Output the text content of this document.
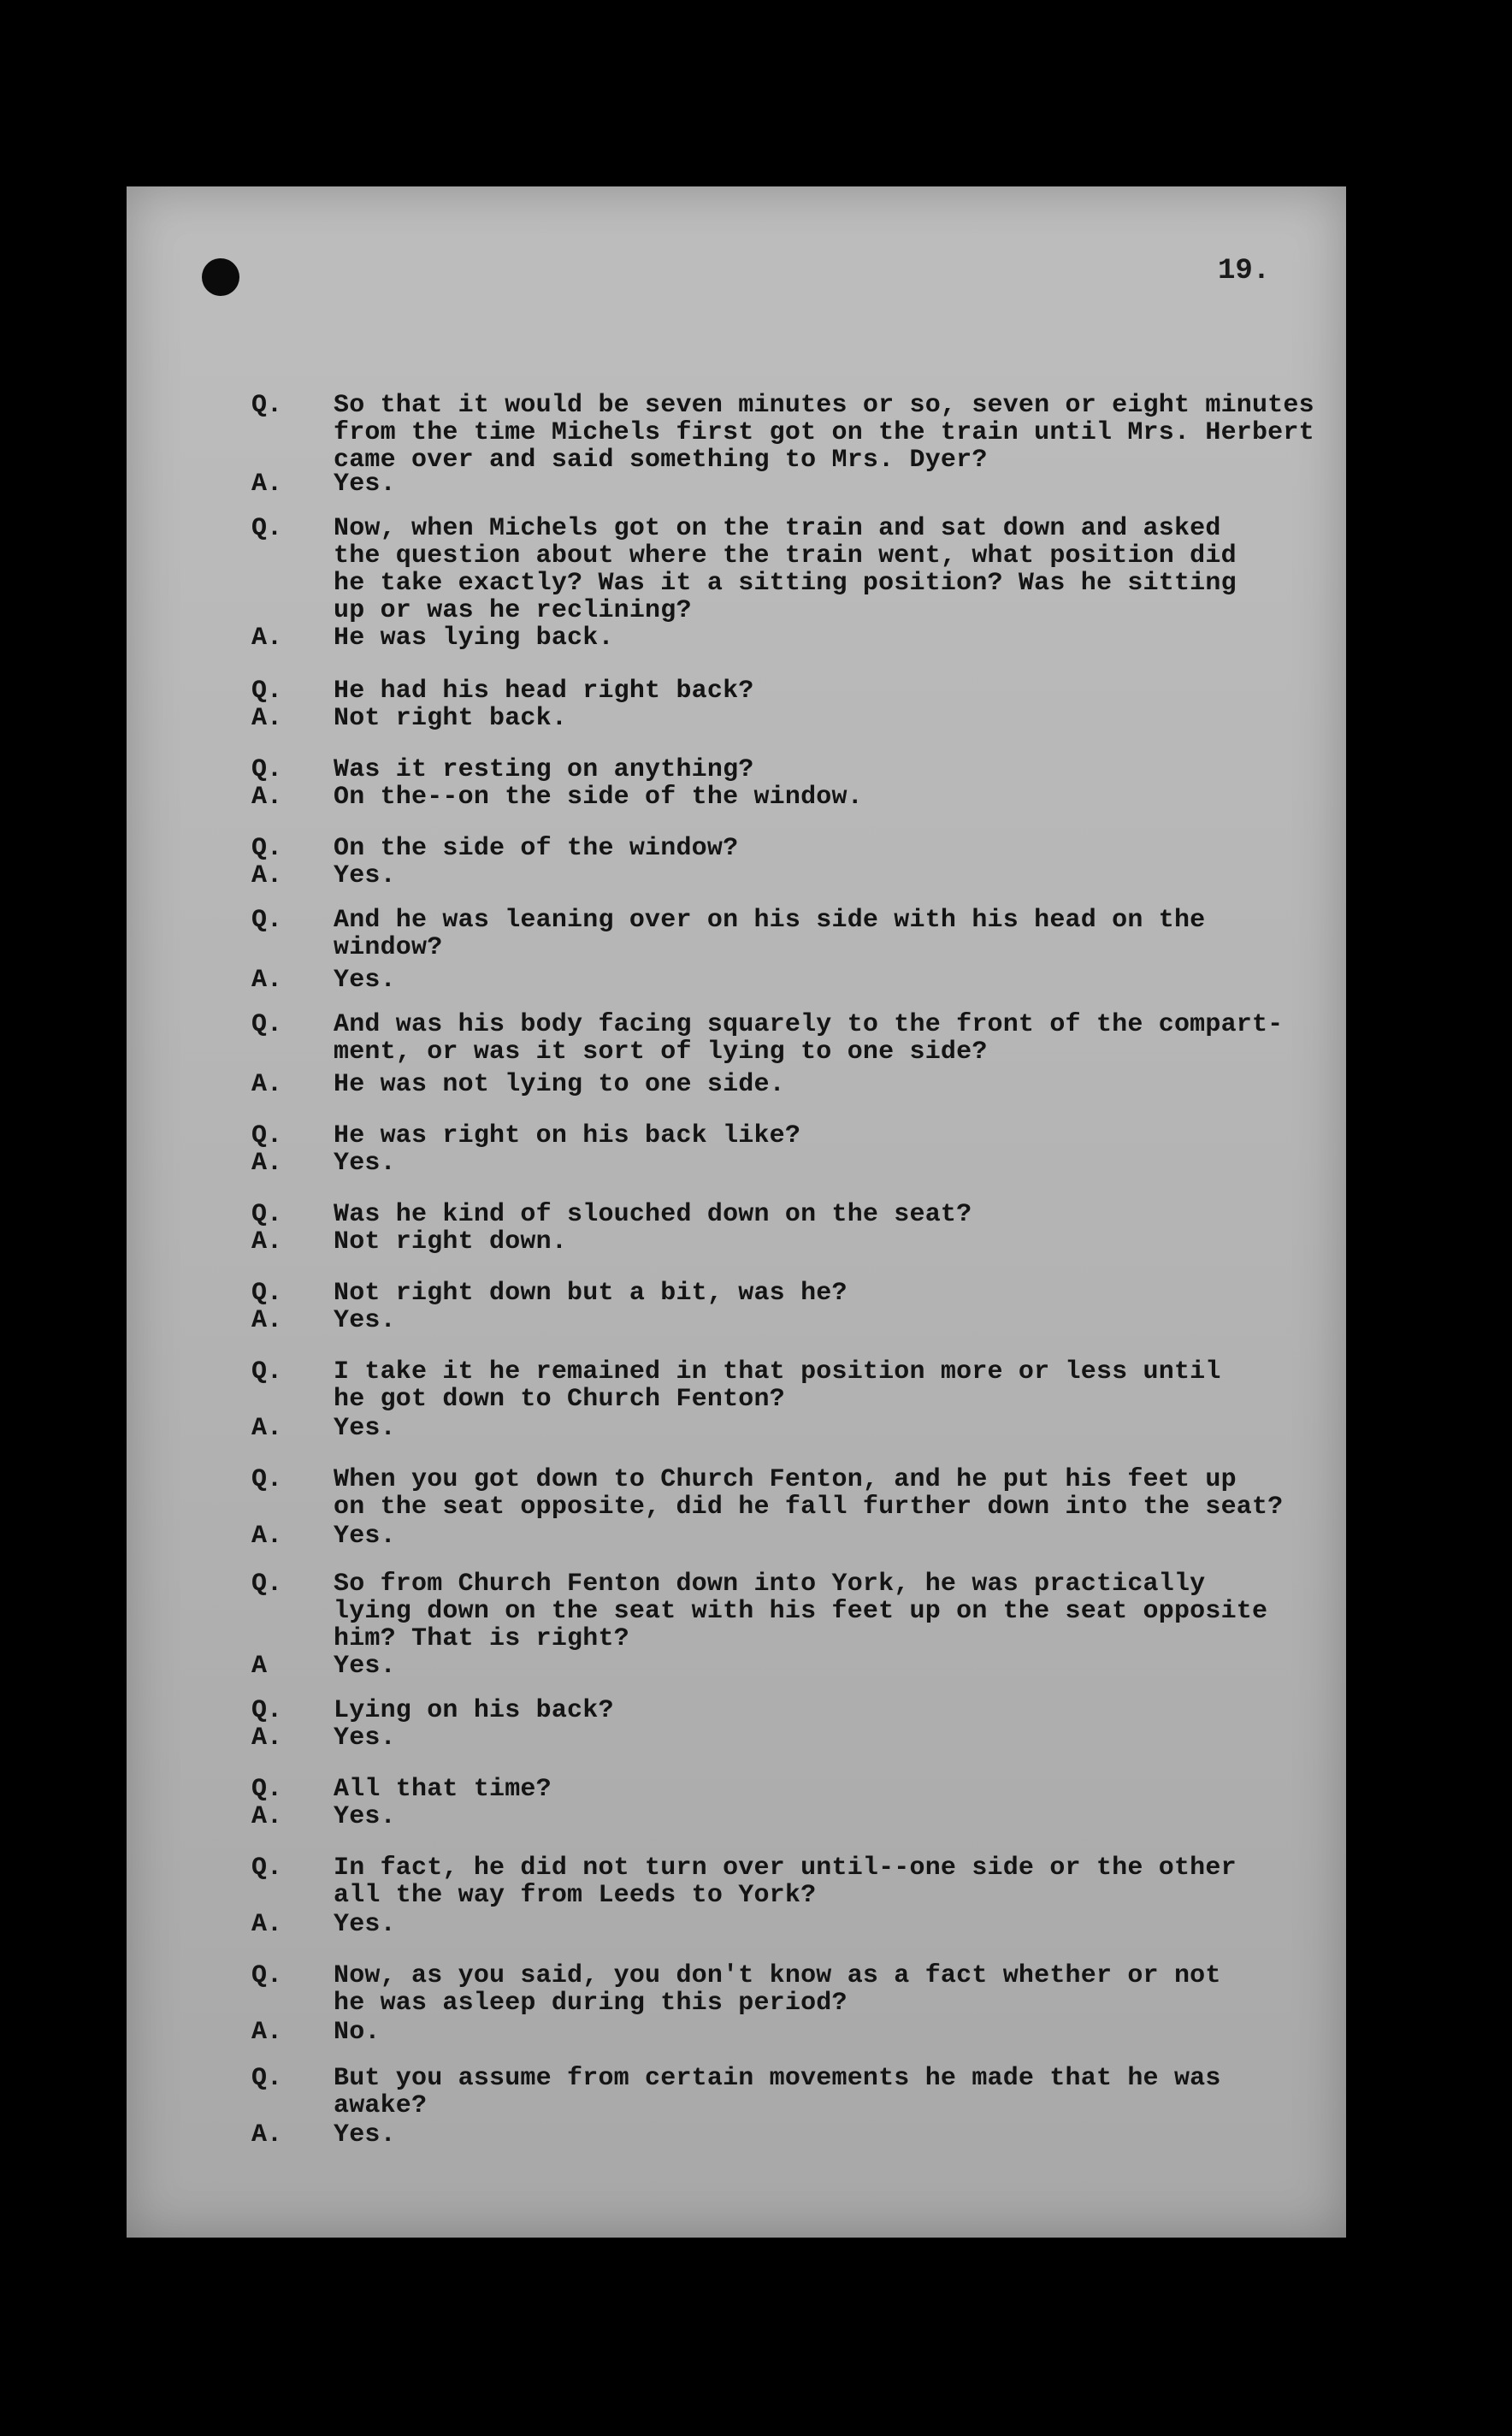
19.
Q. So that it would be seven minutes or so, seven or eight minutes
from the time Michels first got on the train until Mrs. Herbert
came over and said something to Mrs. Dyer?
A. Yes.
Q. Now, when Michels got on the train and sat down and asked
the question about where the train went, what position did
he take exactly? Was it a sitting position? Was he sitting
up or was he reclining?
A. He was lying back.
Q. He had his head right back?
A. Not right back.
Q. Was it resting on anything?
A. On the--on the side of the window.
Q. On the side of the window?
A. Yes.
Q. And he was leaning over on his side with his head on the
window?
A. Yes.
Q. And was his body facing squarely to the front of the compart-
ment, or was it sort of lying to one side?
A. He was not lying to one side.
Q. He was right on his back like?
A. Yes.
Q. Was he kind of slouched down on the seat?
A. Not right down.
Q. Not right down but a bit, was he?
A. Yes.
Q. I take it he remained in that position more or less until
he got down to Church Fenton?
A. Yes.
Q. When you got down to Church Fenton, and he put his feet up
on the seat opposite, did he fall further down into the seat?
A. Yes.
Q. So from Church Fenton down into York, he was practically
lying down on the seat with his feet up on the seat opposite
him? That is right?
A	Yes.
Q. Lying on his back?
A. Yes.
Q. All that time?
A. Yes.
Q. In fact, he did not turn over until--one side or the other
all the way from Leeds to York?
A. Yes.
Q. Now, as you said, you don't know as a fact whether or not
he was asleep during this period?
A. No.
Q. But you assume from certain movements he made that he was
awake?
A. Yes.
